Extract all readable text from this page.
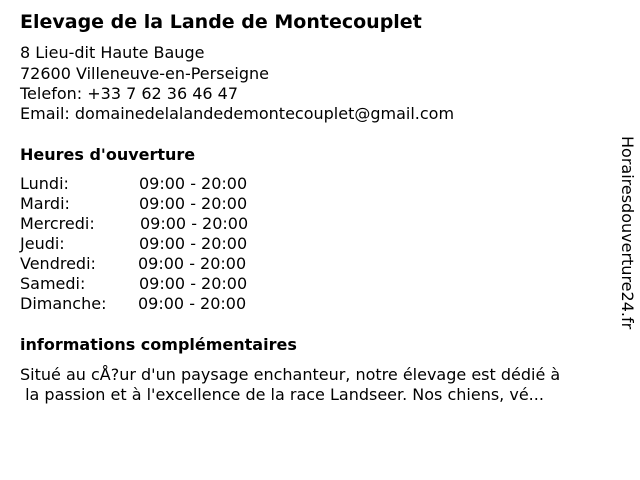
Elevage de la Lande de Montecouplet
8 Lieu-dit Haute Bauge
72600 Villeneuve-en-Perseigne
Telefon: +33 7 62 36 46 47
Email: domainedelalandedemontecouplet@gmail.com
Heures d'ouverture
Lundi:	09:00 - 20:00
Mardi:	09:00 - 20:00
Mercredi:	09:00 - 20:00
Jeudi:	09:00 - 20:00
Vendredi:	09:00 - 20:00
Samedi:	09:00 - 20:00
Dimanche: 09:00 - 20:00
informations complémentaires
Situé au cÅ?ur d'un paysage enchanteur, notre élevage est dédié à
la passion et à l'excellence de la race Landseer. Nos chiens, vé...
Horairesdouverture24.fr
